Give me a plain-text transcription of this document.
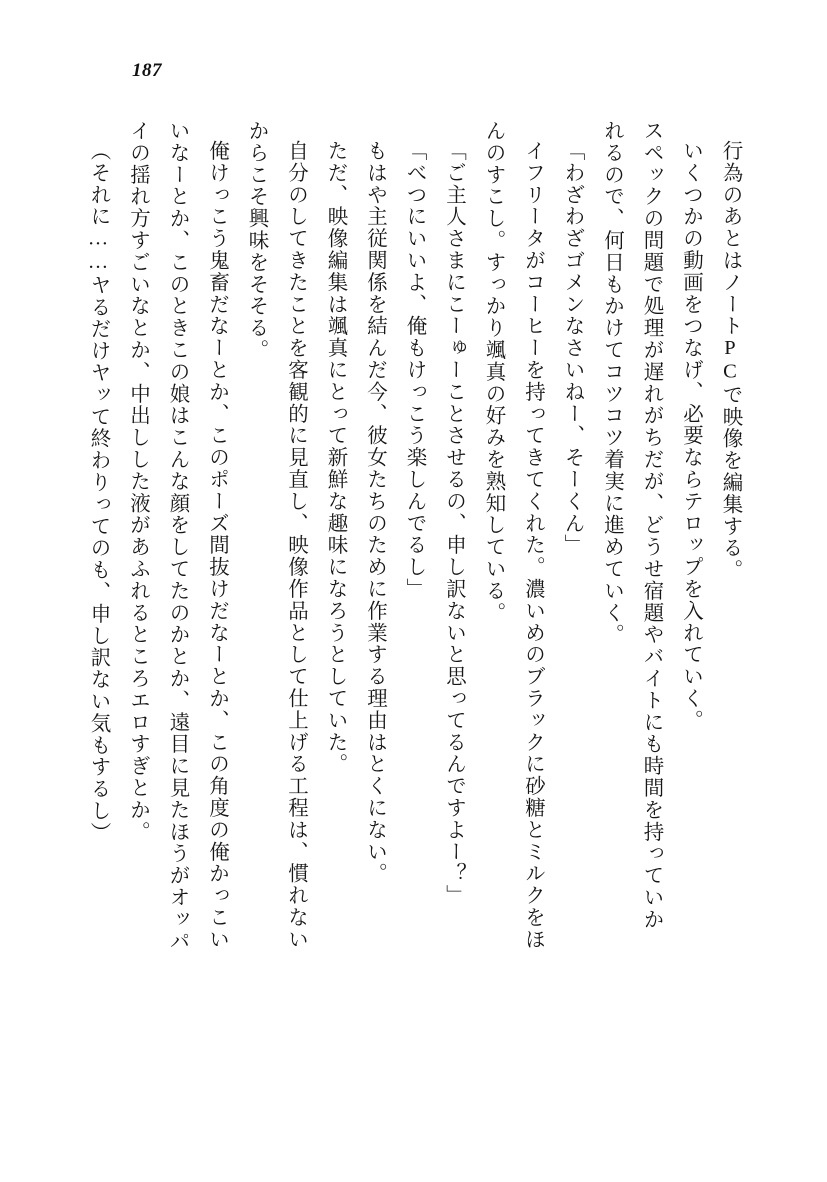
187
行為のあとはノートPCで映像を編集する。
いくつかの動画をつなげ、必要ならテロップを入れていく。
スペックの問題で処理が遅れがちだが、どうせ宿題やバイトにも時間を持っていか
れるので、何日もかけてコツコツ着実に進めていく。
「わざわざゴメンなさいねー、そーくん」
イフリータがコーヒーを持ってきてくれた。濃いめのブラックに砂糖とミルクをほ
んのすこし。すっかり颯真の好みを熟知している。
「ご主人さまにこーゅーことさせるの、申し訳ないと思ってるんですよー？」
「べつにいいよ、俺もけっこう楽しんでるし」
もはや主従関係を結んだ今、彼女たちのために作業する理由はとくにない。
ただ、映像編集は颯真にとって新鮮な趣味になろうとしていた。
自分のしてきたことを客観的に見直し、映像作品として仕上げる工程は、慣れない
からこそ興味をそそる。
俺けっこう鬼畜だなーとか、このポーズ間抜けだなーとか、この角度の俺かっこい
いなーとか、このときこの娘はこんな顔をしてたのかとか、遠目に見たほうがオッパ
イの揺れ方すごいなとか、中出しした液があふれるところエロすぎとか。
（それに……ヤるだけヤッて終わりってのも、申し訳ない気もするし）
